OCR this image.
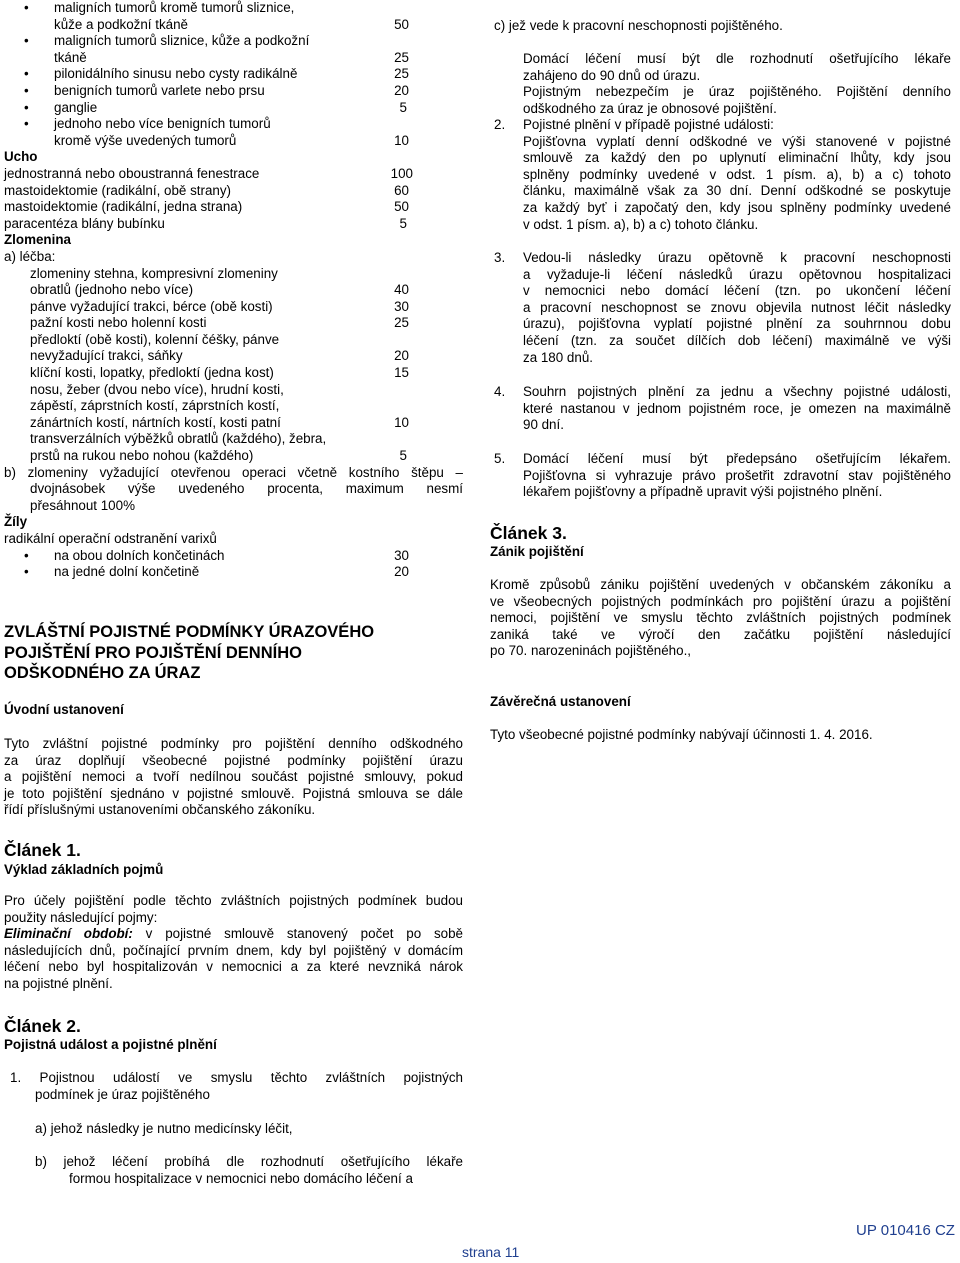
• maligních tumorů kromě tumorů sliznice,
kůže a podkožní tkáně	50
• maligních tumorů sliznice, kůže a podkožní
tkáně	25
• pilonidálního sinusu nebo cysty radikálně	25
• benigních tumorů varlete nebo prsu	20
• ganglie	5
• jednoho nebo více benigních tumorů
kromě výše uvedených tumorů	10
Ucho
jednostranná nebo oboustranná fenestrace	100
mastoidektomie (radikální, obě strany)	60
mastoidektomie (radikální, jedna strana)	50
paracentéza blány bubínku	5
Zlomenina
a) léčba:
zlomeniny stehna, kompresivní zlomeniny
obratlů (jednoho nebo více)	40
pánve vyžadující trakci, bérce (obě kosti)	30
pažní kosti nebo holenní kosti	25
předloktí (obě kosti), kolenní čéšky, pánve
nevyžadující trakci, sáňky	20
klíční kosti, lopatky, předloktí (jedna kost)	15
nosu, žeber (dvou nebo více), hrudní kosti,
zápěstí, záprstních kostí, záprstních kostí,
zánártních kostí, nártních kostí, kosti patní	10
transverzálních výběžků obratlů (každého), žebra,
prstů na rukou nebo nohou (každého)	5
b) zlomeniny vyžadující otevřenou operaci včetně kostního štěpu –
dvojnásobek výše uvedeného procenta, maximum nesmí
přesáhnout 100%
Žíly
radikální operační odstranění varixů
• na obou dolních končetinách	30
• na jedné dolní končetině	20
ZVLÁŠTNÍ POJISTNÉ PODMÍNKY ÚRAZOVÉHO
POJIŠTĚNÍ PRO POJIŠTĚNÍ DENNÍHO
ODŠKODNÉHO ZA ÚRAZ
Úvodní ustanovení
Tyto zvláštní pojistné podmínky pro pojištění denního odškodného
za úraz doplňují všeobecné pojistné podmínky pojištění úrazu
a pojištění nemoci a tvoří nedílnou součást pojistné smlouvy, pokud
je toto pojištění sjednáno v pojistné smlouvě. Pojistná smlouva se dále
řídí příslušnými ustanoveními občanského zákoníku.
Článek 1.
Výklad základních pojmů
Pro účely pojištění podle těchto zvláštních pojistných podmínek budou
použity následující pojmy:
Eliminační období: v pojistné smlouvě stanovený počet po sobě
následujících dnů, počínající prvním dnem, kdy byl pojištěný v domácím
léčení nebo byl hospitalizován v nemocnici a za které nevzniká nárok
na pojistné plnění.
Článek 2.
Pojistná událost a pojistné plnění
1. Pojistnou událostí ve smyslu těchto zvláštních pojistných
podmínek je úraz pojištěného
a) jehož následky je nutno medicínsky léčit,
b) jehož léčení probíhá dle rozhodnutí ošetřujícího lékaře
formou hospitalizace v nemocnici nebo domácího léčení a
c) jež vede k pracovní neschopnosti pojištěného.
Domácí léčení musí být dle rozhodnutí ošetřujícího lékaře
zahájeno do 90 dnů od úrazu.
Pojistným nebezpečím je úraz pojištěného. Pojištění denního
odškodného za úraz je obnosové pojištění.
2. Pojistné plnění v případě pojistné události:
Pojišťovna vyplatí denní odškodné ve výši stanovené v pojistné
smlouvě za každý den po uplynutí eliminační lhůty, kdy jsou
splněny podmínky uvedené v odst. 1 písm. a), b) a c) tohoto
článku, maximálně však za 30 dní. Denní odškodné se poskytuje
za každý byť i započatý den, kdy jsou splněny podmínky uvedené
v odst. 1 písm. a), b) a c) tohoto článku.
3. Vedou-li následky úrazu opětovně k pracovní neschopnosti
a vyžaduje-li léčení následků úrazu opětovnou hospitalizaci
v nemocnici nebo domácí léčení (tzn. po ukončení léčení
a pracovní neschopnost se znovu objevila nutnost léčit následky
úrazu), pojišťovna vyplatí pojistné plnění za souhrnnou dobu
léčení (tzn. za součet dílčích dob léčení) maximálně ve výši
za 180 dnů.
4. Souhrn pojistných plnění za jednu a všechny pojistné události,
které nastanou v jednom pojistném roce, je omezen na maximálně
90 dní.
5. Domácí léčení musí být předepsáno ošetřujícím lékařem.
Pojišťovna si vyhrazuje právo prošetřit zdravotní stav pojištěného
lékařem pojišťovny a případně upravit výši pojistného plnění.
Článek 3.
Zánik pojištění
Kromě způsobů zániku pojištění uvedených v občanském zákoníku a
ve všeobecných pojistných podmínkách pro pojištění úrazu a pojištění
nemoci, pojištění ve smyslu těchto zvláštních pojistných podmínek
zaniká také ve výročí den začátku pojištění následující
po 70. narozeninách pojištěného.,
Závěrečná ustanovení
Tyto všeobecné pojistné podmínky nabývají účinnosti 1. 4. 2016.
strana 11
UP 010416 CZ
